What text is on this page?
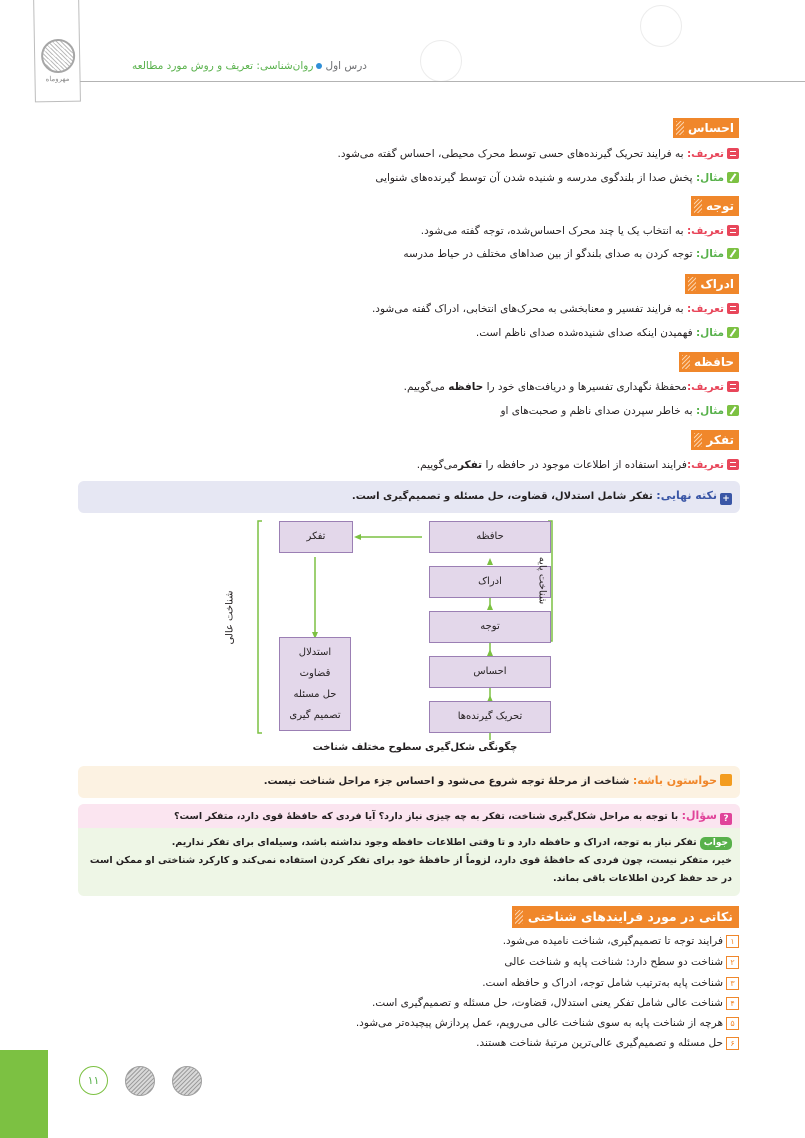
مهروماه
درس اولروان‌شناسی: تعریف و روش مورد مطالعه
احساس
تعریف: به فرایند تحریک گیرنده‌های حسی توسط محرک محیطی، احساس گفته می‌شود.
مثال: پخش صدا از بلندگوی مدرسه و شنیده شدن آن توسط گیرنده‌های شنوایی
توجه
تعریف: به انتخاب یک یا چند محرک احساس‌شده، توجه گفته می‌شود.
مثال: توجه کردن به صدای بلندگو از بین صداهای مختلف در حیاط مدرسه
ادراک
تعریف: به فرایند تفسیر و معنابخشی به محرک‌های انتخابی، ادراک گفته می‌شود.
مثال: فهمیدن اینکه صدای شنیده‌شده صدای ناظم است.
حافظه
تعریف:محفظهٔ نگهداری تفسیرها و دریافت‌های خود را حافظه می‌گوییم.
مثال: به خاطر سپردن صدای ناظم و صحبت‌های او
تفکر
تعریف:فرایند استفاده از اطلاعات موجود در حافظه را تفکرمی‌گوییم.
+نکته نهایی: تفکر شامل استدلال، قضاوت، حل مسئله و تصمیم‌گیری است.
حافظه
ادراک
توجه
احساس
تحریک گیرنده‌ها
تفکر
استدلال
قضاوت
حل مسئله
تصمیم گیری
شناخت پایه
شناخت عالی
چگونگی شکل‌گیری سطوح مختلف شناخت
حواستون باشه: شناخت از مرحلهٔ توجه شروع می‌شود و احساس جزء مراحل شناخت نیست.
?سؤال: با توجه به مراحل شکل‌گیری شناخت، تفکر به چه چیزی نیاز دارد؟ آیا فردی که حافظهٔ قوی دارد، متفکر است؟
جوابتفکر نیاز به توجه، ادراک و حافظه دارد و تا وقتی اطلاعات حافظه وجود نداشته باشد، وسیله‌ای برای تفکر نداریم.
خیر، متفکر نیست، چون فردی که حافظهٔ قوی دارد، لزوماً از حافظهٔ خود برای تفکر کردن استفاده نمی‌کند و کارکرد شناختی او ممکن است در حد حفظ کردن اطلاعات باقی بماند.
نکاتی در مورد فرایندهای شناختی
۱فرایند توجه تا تصمیم‌گیری، شناخت نامیده می‌شود.
۲شناخت دو سطح دارد: شناخت پایه و شناخت عالی
۳شناخت پایه به‌ترتیب شامل توجه، ادراک و حافظه است.
۴شناخت عالی شامل تفکر یعنی استدلال، قضاوت، حل مسئله و تصمیم‌گیری است.
۵هرچه از شناخت پایه به سوی شناخت عالی می‌رویم، عمل پردازش پیچیده‌تر می‌شود.
۶حل مسئله و تصمیم‌گیری عالی‌ترین مرتبهٔ شناخت هستند.
۱۱
